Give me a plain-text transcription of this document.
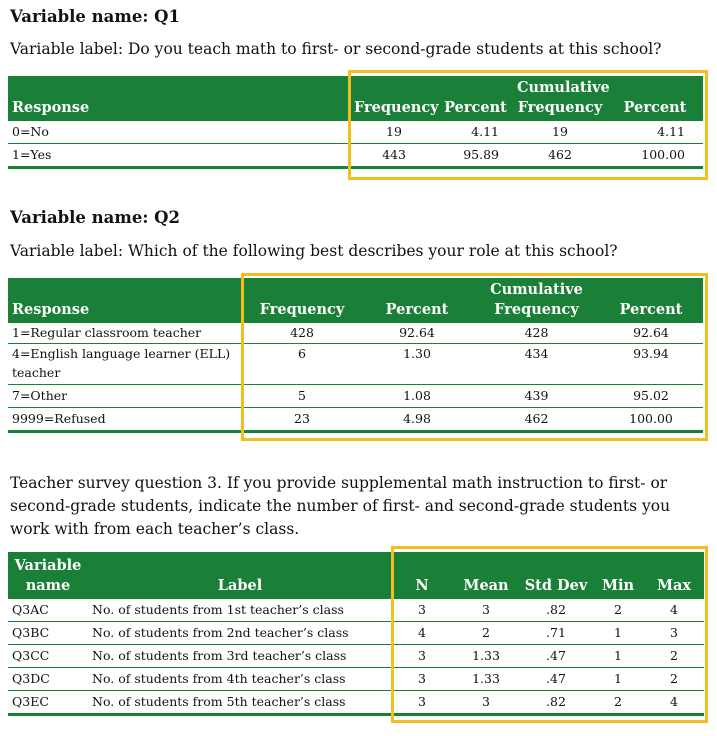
Variable name: Q1
Variable label: Do you teach math to first- or second-grade students at this school?
Response	Frequency	Percent	Cumulative
Frequency	Percent
0=No	19	4.11	19	4.11
1=Yes	443	95.89	462	100.00
Variable name: Q2
Variable label: Which of the following best describes your role at this school?
Response	Frequency	Percent	Cumulative
Frequency	Percent
1=Regular classroom teacher	428	92.64	428	92.64
4=English language learner (ELL) teacher	6	1.30	434	93.94
7=Other	5	1.08	439	95.02
9999=Refused	23	4.98	462	100.00
Teacher survey question 3. If you provide supplemental math instruction to first- or second-grade students, indicate the number of first- and second-grade students you work with from each teacher’s class.
Variable
name	Label	N	Mean	Std Dev	Min	Max
Q3AC	No. of students from 1st teacher’s class	3	3	.82	2	4
Q3BC	No. of students from 2nd teacher’s class	4	2	.71	1	3
Q3CC	No. of students from 3rd teacher’s class	3	1.33	.47	1	2
Q3DC	No. of students from 4th teacher’s class	3	1.33	.47	1	2
Q3EC	No. of students from 5th teacher’s class	3	3	.82	2	4
